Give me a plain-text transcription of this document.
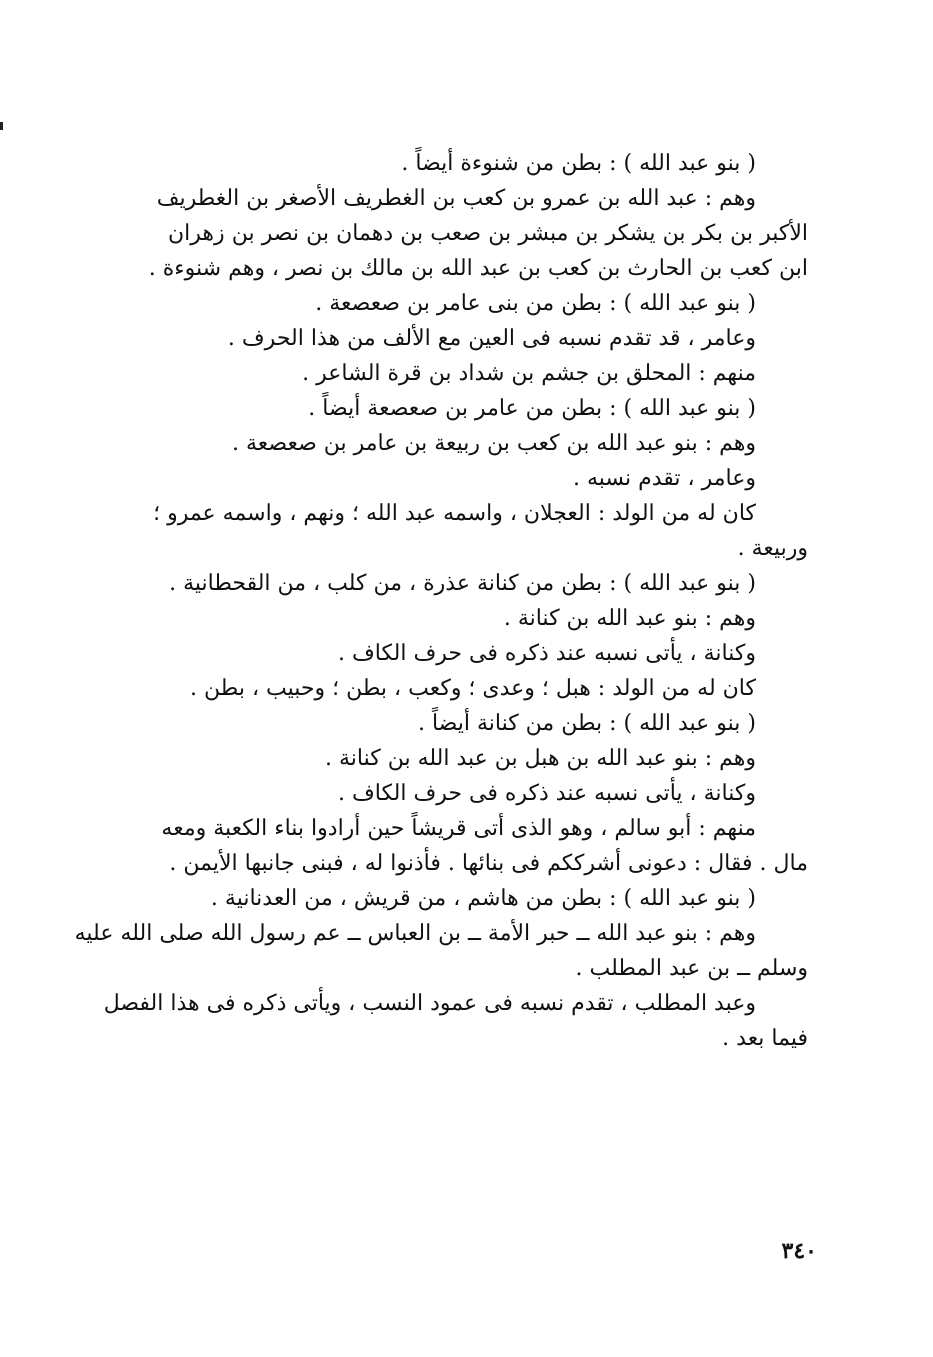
( بنو عبد الله ) : بطن من شنوءة أيضاً .
وهم : عبد الله بن عمرو بن كعب بن الغطريف الأصغر بن الغطريف
الأكبر بن بكر بن يشكر بن مبشر بن صعب بن دهمان بن نصر بن زهران
ابن كعب بن الحارث بن كعب بن عبد الله بن مالك بن نصر ، وهم شنوءة .
( بنو عبد الله ) : بطن من بنى عامر بن صعصعة .
وعامر ، قد تقدم نسبه فى العين مع الألف من هذا الحرف .
منهم : المحلق بن جشم بن شداد بن قرة الشاعر .
( بنو عبد الله ) : بطن من عامر بن صعصعة أيضاً .
وهم : بنو عبد الله بن كعب بن ربيعة بن عامر بن صعصعة .
وعامر ، تقدم نسبه .
كان له من الولد : العجلان ، واسمه عبد الله ؛ ونهم ، واسمه عمرو ؛
وربيعة .
( بنو عبد الله ) : بطن من كنانة عذرة ، من كلب ، من القحطانية .
وهم : بنو عبد الله بن كنانة .
وكنانة ، يأتى نسبه عند ذكره فى حرف الكاف .
كان له من الولد : هبل ؛ وعدى ؛ وكعب ، بطن ؛ وحبيب ، بطن .
( بنو عبد الله ) : بطن من كنانة أيضاً .
وهم : بنو عبد الله بن هبل بن عبد الله بن كنانة .
وكنانة ، يأتى نسبه عند ذكره فى حرف الكاف .
منهم : أبو سالم ، وهو الذى أتى قريشاً حين أرادوا بناء الكعبة ومعه
مال . فقال : دعونى أشرككم فى بنائها . فأذنوا له ، فبنى جانبها الأيمن .
( بنو عبد الله ) : بطن من هاشم ، من قريش ، من العدنانية .
وهم : بنو عبد الله ــ حبر الأمة ــ بن العباس ــ عم رسول الله صلى الله عليه
وسلم ــ بن عبد المطلب .
وعبد المطلب ، تقدم نسبه فى عمود النسب ، ويأتى ذكره فى هذا الفصل
فيما بعد .
٣٤٠
